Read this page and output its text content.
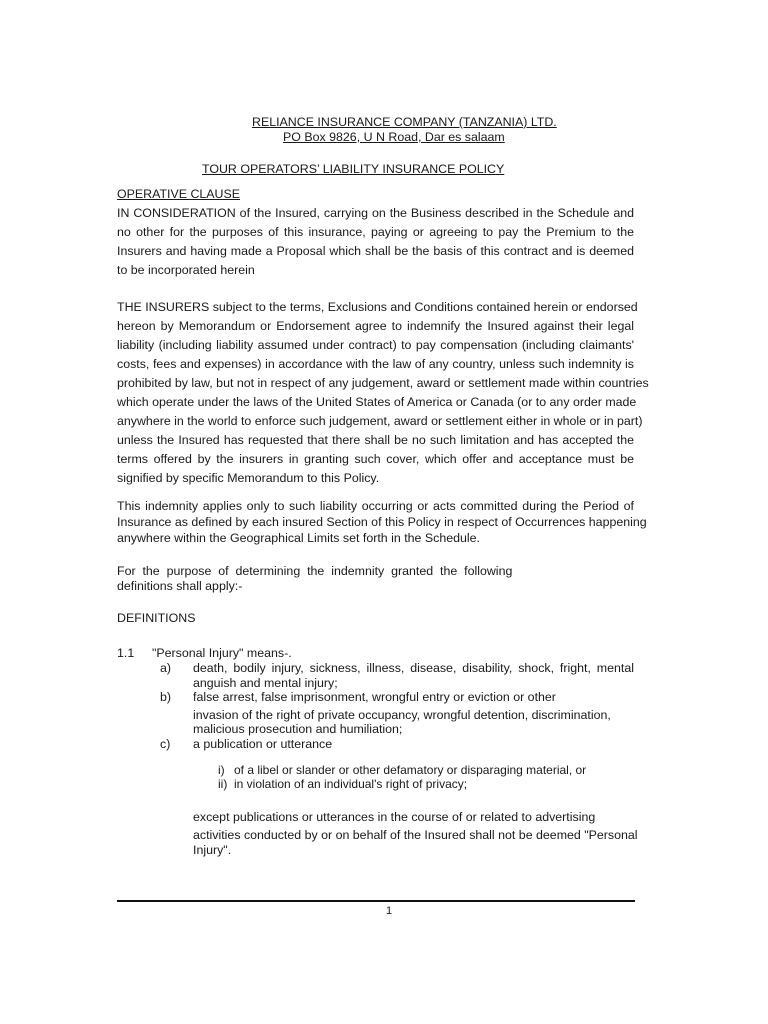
RELIANCE INSURANCE COMPANY (TANZANIA) LTD.
PO Box 9826, U N Road, Dar es salaam
TOUR OPERATORS’ LIABILITY INSURANCE POLICY
OPERATIVE CLAUSE
IN CONSIDERATION of the Insured, carrying on the Business described in the Schedule and
no other for the purposes of this insurance, paying or agreeing to pay the Premium to the
Insurers and having made a Proposal which shall be the basis of this contract and is deemed
to be incorporated herein
THE INSURERS subject to the terms, Exclusions and Conditions contained herein or endorsed
hereon by Memorandum or Endorsement agree to indemnify the Insured against their legal
liability (including liability assumed under contract) to pay compensation (including claimants'
costs, fees and expenses) in accordance with the law of any country, unless such indemnity is
prohibited by law, but not in respect of any judgement, award or settlement made within countries
which operate under the laws of the United States of America or Canada (or to any order made
anywhere in the world to enforce such judgement, award or settlement either in whole or in part)
unless the Insured has requested that there shall be no such limitation and has accepted the
terms offered by the insurers in granting such cover, which offer and acceptance must be
signified by specific Memorandum to this Policy.
This indemnity applies only to such liability occurring or acts committed during the Period of
Insurance as defined by each insured Section of this Policy in respect of Occurrences happening
anywhere within the Geographical Limits set forth in the Schedule.
For  the  purpose  of  determining  the  indemnity  granted  the  following
definitions shall apply:-
DEFINITIONS
1.1 "Personal Injury" means-.
a) death, bodily injury, sickness, illness, disease, disability, shock, fright, mental
anguish and mental injury;
b) false arrest, false imprisonment, wrongful entry or eviction or other
invasion of the right of private occupancy, wrongful detention, discrimination,
malicious prosecution and humiliation;
c) a publication or utterance
i) of a libel or slander or other defamatory or disparaging material, or
ii) in violation of an individual's right of privacy;
except publications or utterances in the course of or related to advertising
activities conducted by or on behalf of the Insured shall not be deemed "Personal
Injury".
1
